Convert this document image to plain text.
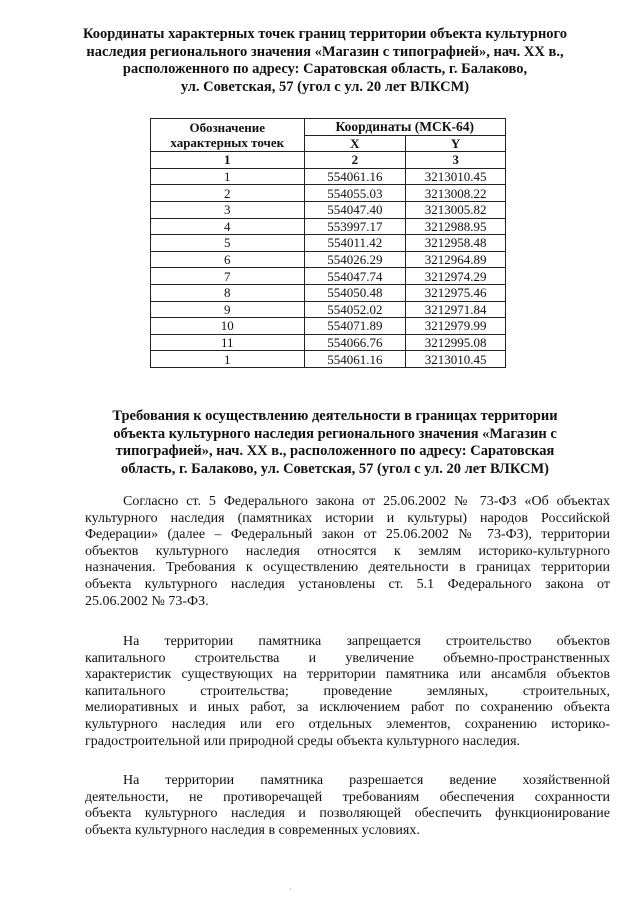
Координаты характерных точек границ территории объекта культурного
наследия регионального значения «Магазин с типографией», нач. XX в.,
расположенного по адресу: Саратовская область, г. Балаково,
ул. Советская, 57 (угол с ул. 20 лет ВЛКСМ)
Обозначение
характерных точек	Координаты (МСК-64)	
	X	Y
1	2	3
1	554061.16	3213010.45
2	554055.03	3213008.22
3	554047.40	3213005.82
4	553997.17	3212988.95
5	554011.42	3212958.48
6	554026.29	3212964.89
7	554047.74	3212974.29
8	554050.48	3212975.46
9	554052.02	3212971.84
10	554071.89	3212979.99
11	554066.76	3212995.08
1	554061.16	3213010.45
Требования к осуществлению деятельности в границах территории
объекта культурного наследия регионального значения «Магазин с
типографией», нач. XX в., расположенного по адресу: Саратовская
область, г. Балаково, ул. Советская, 57 (угол с ул. 20 лет ВЛКСМ)
Согласно ст. 5 Федерального закона от 25.06.2002 № 73-ФЗ «Об объектах
культурного наследия (памятниках истории и культуры) народов Российской
Федерации» (далее – Федеральный закон от 25.06.2002 № 73-ФЗ), территории
объектов культурного наследия относятся к землям историко-культурного
назначения. Требования к осуществлению деятельности в границах территории
объекта культурного наследия установлены ст. 5.1 Федерального закона от
25.06.2002 № 73-ФЗ.
На территории памятника запрещается строительство объектов
капитального строительства и увеличение объемно-пространственных
характеристик существующих на территории памятника или ансамбля объектов
капитального строительства; проведение земляных, строительных,
мелиоративных и иных работ, за исключением работ по сохранению объекта
культурного наследия или его отдельных элементов, сохранению историко-
градостроительной или природной среды объекта культурного наследия.
На территории памятника разрешается ведение хозяйственной
деятельности, не противоречащей требованиям обеспечения сохранности
объекта культурного наследия и позволяющей обеспечить функционирование
объекта культурного наследия в современных условиях.
·
